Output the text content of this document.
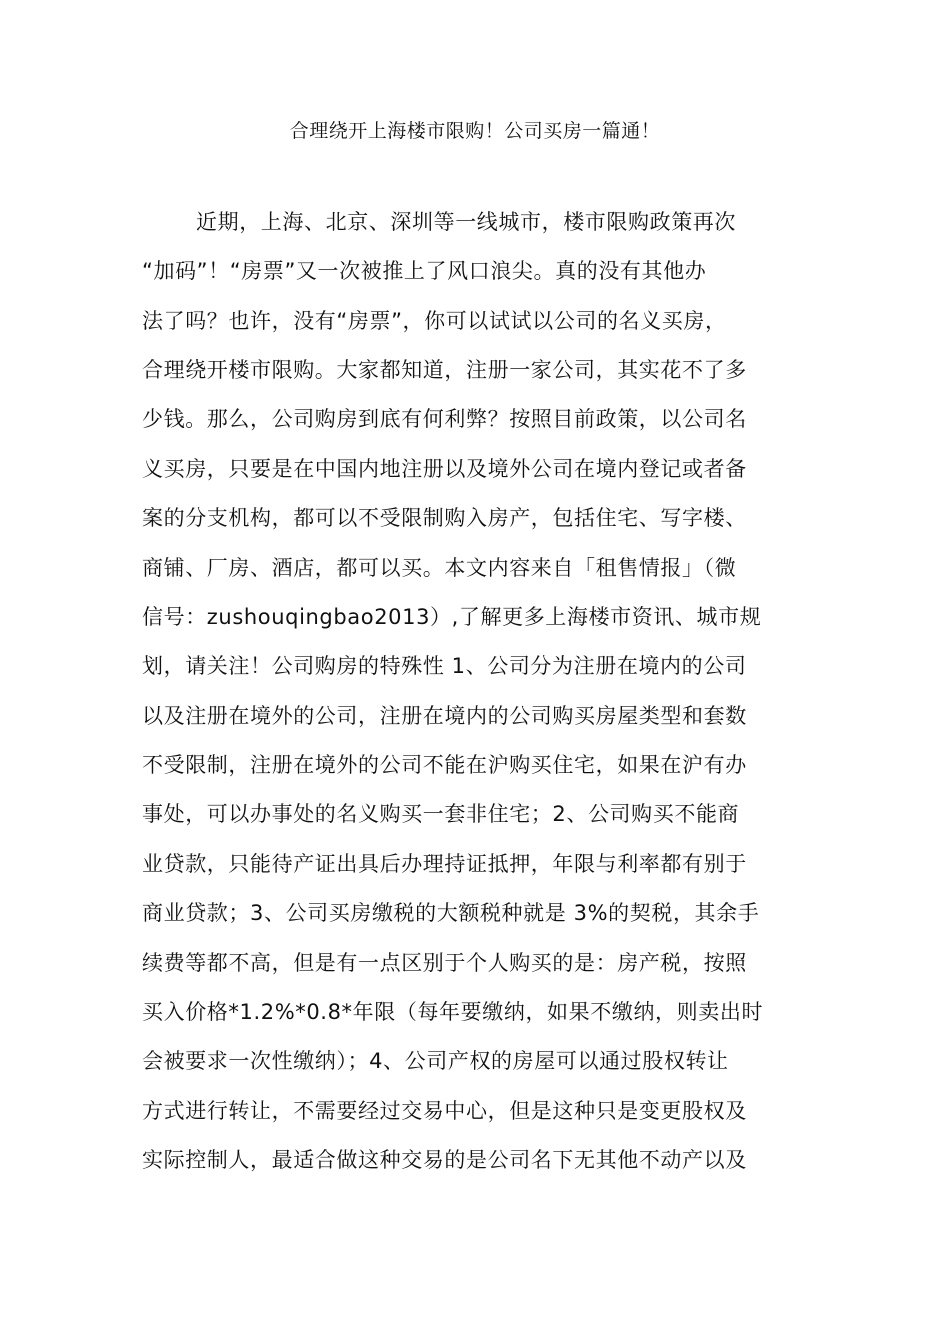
合理绕开上海楼市限购！公司买房一篇通！
近期，上海、北京、深圳等一线城市，楼市限购政策再次
“加码”！“房票”又一次被推上了风口浪尖。真的没有其他办
法了吗？也许，没有“房票”，你可以试试以公司的名义买房，
合理绕开楼市限购。大家都知道，注册一家公司，其实花不了多
少钱。那么，公司购房到底有何利弊？按照目前政策，以公司名
义买房，只要是在中国内地注册以及境外公司在境内登记或者备
案的分支机构，都可以不受限制购入房产，包括住宅、写字楼、
商铺、厂房、酒店，都可以买。本文内容来自「租售情报」（微
信号：zushouqingbao2013）,了解更多上海楼市资讯、城市规
划，请关注！公司购房的特殊性 1、公司分为注册在境内的公司
以及注册在境外的公司，注册在境内的公司购买房屋类型和套数
不受限制，注册在境外的公司不能在沪购买住宅，如果在沪有办
事处，可以办事处的名义购买一套非住宅；2、公司购买不能商
业贷款，只能待产证出具后办理持证抵押，年限与利率都有别于
商业贷款；3、公司买房缴税的大额税种就是 3%的契税，其余手
续费等都不高，但是有一点区别于个人购买的是：房产税，按照
买入价格*1.2%*0.8*年限（每年要缴纳，如果不缴纳，则卖出时
会被要求一次性缴纳）；4、公司产权的房屋可以通过股权转让
方式进行转让，不需要经过交易中心，但是这种只是变更股权及
实际控制人，最适合做这种交易的是公司名下无其他不动产以及
